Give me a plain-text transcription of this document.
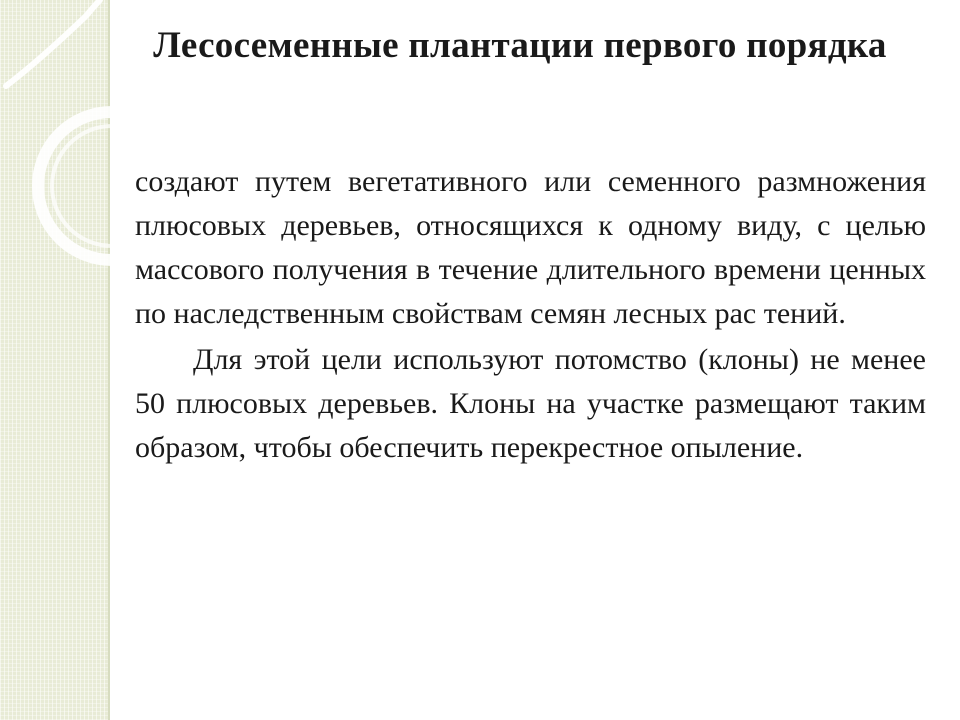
Лесосеменные плантации первого порядка

создают путем вегетативного или семенного размножения плюсовых деревьев, относящихся к одному виду, с целью массового получения в течение длительного времени ценных по наследственным свойствам семян лесных рас тений.

Для этой цели используют потомство (клоны) не менее 50 плюсовых деревьев. Клоны на участке размещают таким образом, чтобы обеспечить перекрестное опыление.
